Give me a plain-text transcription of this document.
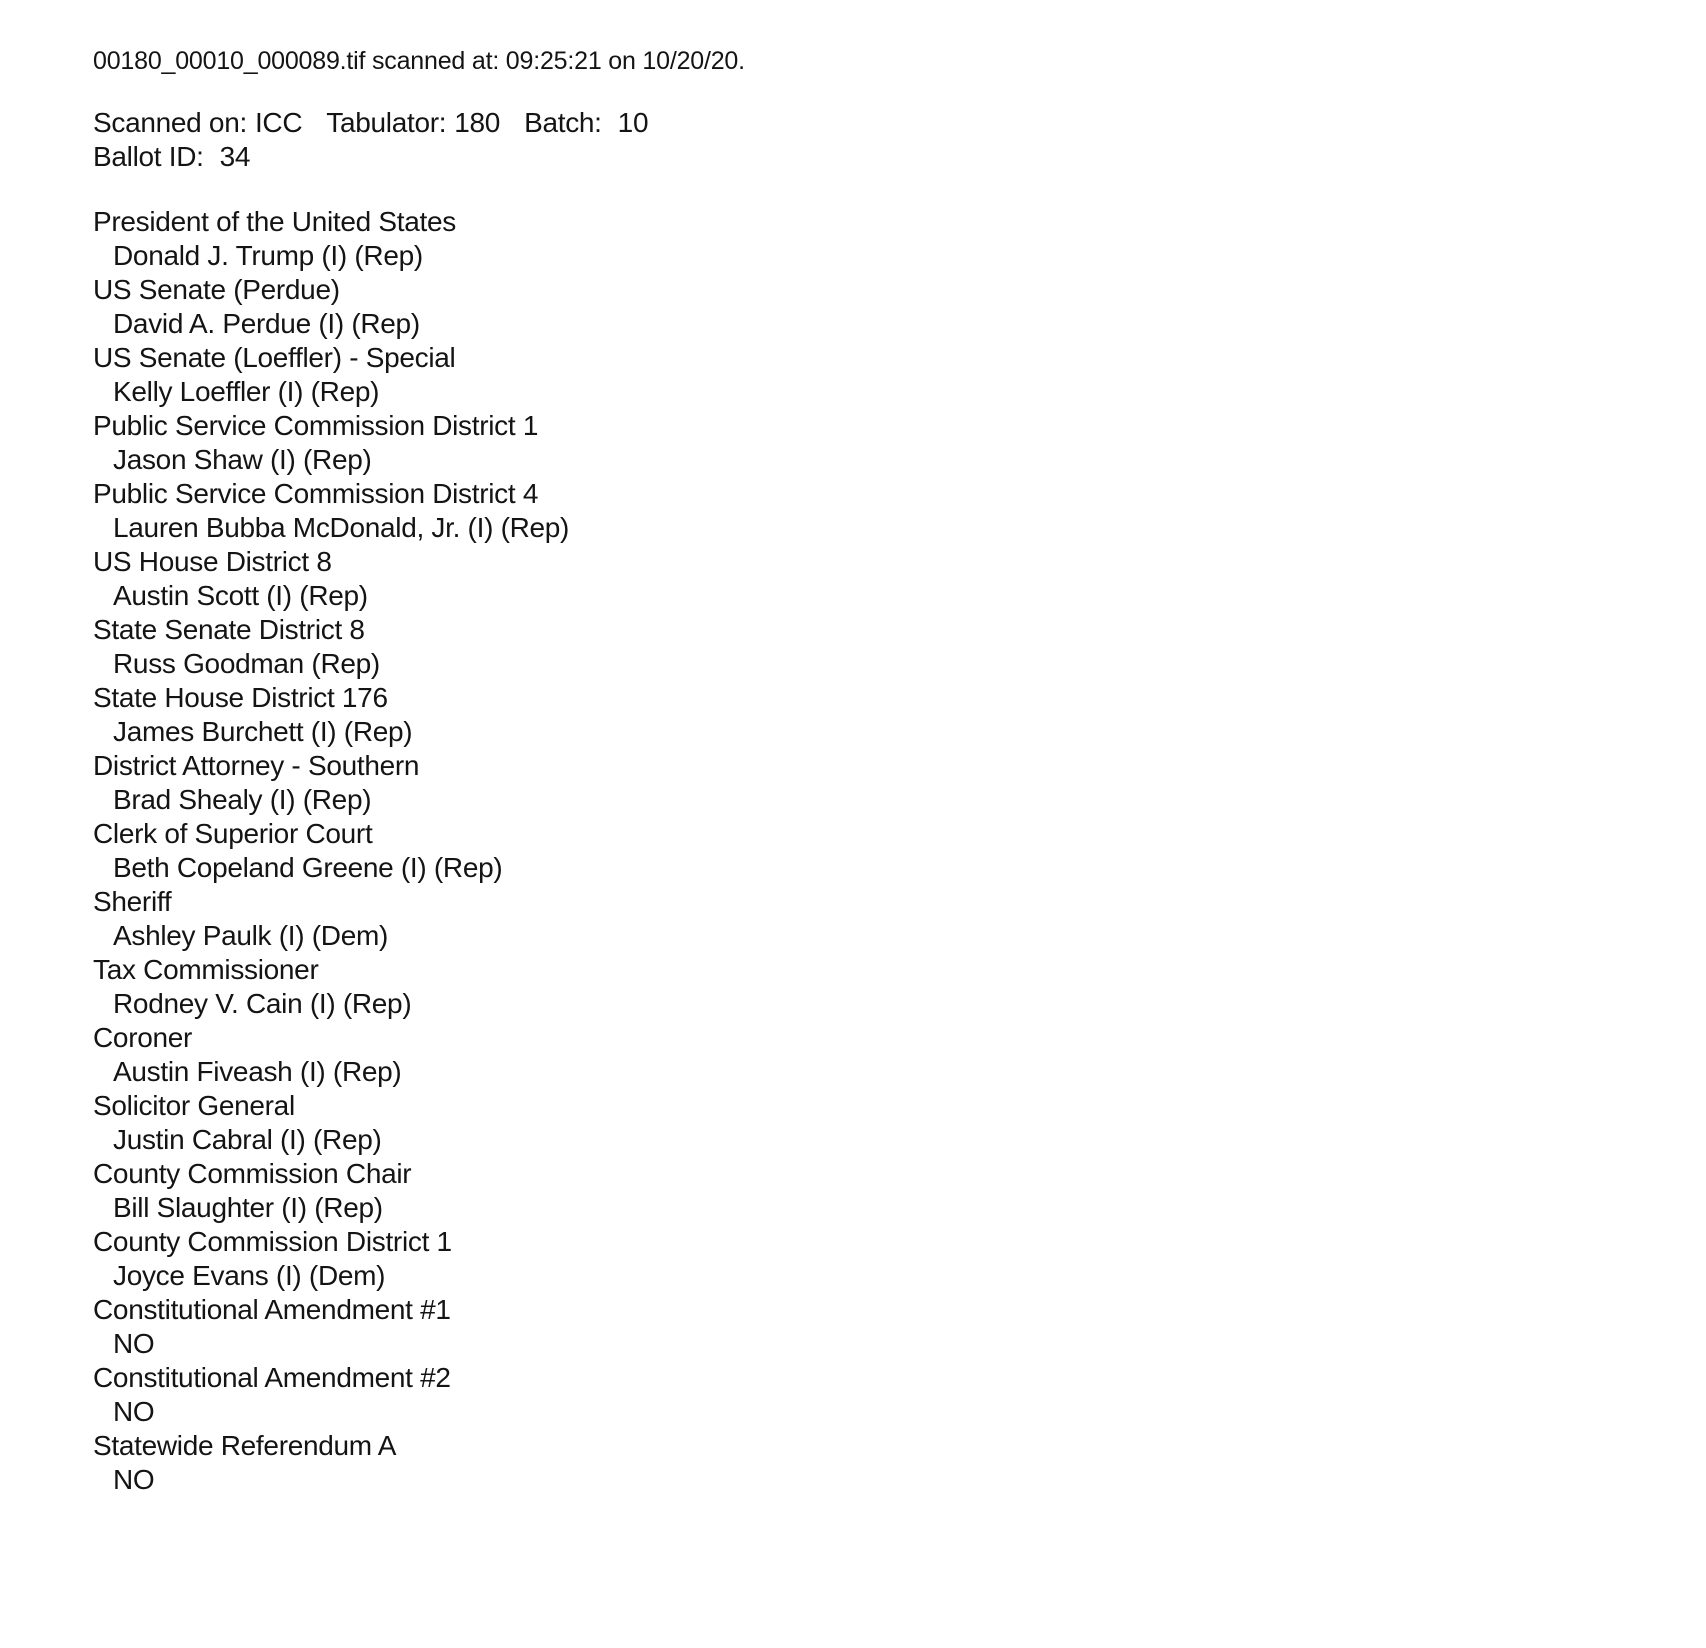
00180_00010_000089.tif scanned at: 09:25:21 on 10/20/20.
Scanned on: ICC Tabulator: 180 Batch: 10
Ballot ID: 34
President of the United States
Donald J. Trump (I) (Rep)
US Senate (Perdue)
David A. Perdue (I) (Rep)
US Senate (Loeffler) - Special
Kelly Loeffler (I) (Rep)
Public Service Commission District 1
Jason Shaw (I) (Rep)
Public Service Commission District 4
Lauren Bubba McDonald, Jr. (I) (Rep)
US House District 8
Austin Scott (I) (Rep)
State Senate District 8
Russ Goodman (Rep)
State House District 176
James Burchett (I) (Rep)
District Attorney - Southern
Brad Shealy (I) (Rep)
Clerk of Superior Court
Beth Copeland Greene (I) (Rep)
Sheriff
Ashley Paulk (I) (Dem)
Tax Commissioner
Rodney V. Cain (I) (Rep)
Coroner
Austin Fiveash (I) (Rep)
Solicitor General
Justin Cabral (I) (Rep)
County Commission Chair
Bill Slaughter (I) (Rep)
County Commission District 1
Joyce Evans (I) (Dem)
Constitutional Amendment #1
NO
Constitutional Amendment #2
NO
Statewide Referendum A
NO
